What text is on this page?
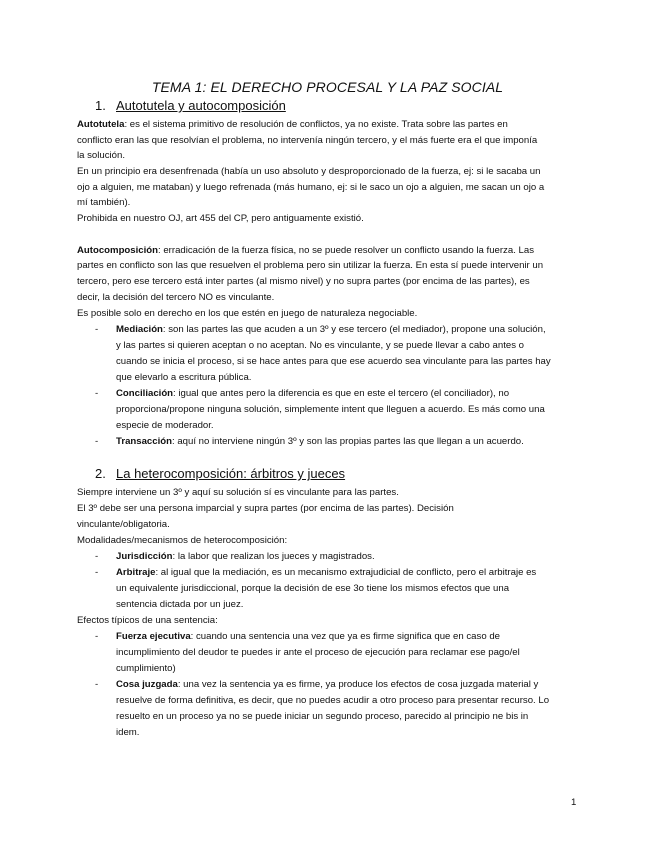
TEMA 1: EL DERECHO PROCESAL Y LA PAZ SOCIAL
1. Autotutela y autocomposición
Autotutela: es el sistema primitivo de resolución de conflictos, ya no existe. Trata sobre las partes en
conflicto eran las que resolvían el problema, no intervenía ningún tercero, y el más fuerte era el que imponía
la solución.
En un principio era desenfrenada (había un uso absoluto y desproporcionado de la fuerza, ej: si le sacaba un
ojo a alguien, me mataban) y luego refrenada (más humano, ej: si le saco un ojo a alguien, me sacan un ojo a
mí también).
Prohibida en nuestro OJ, art 455 del CP, pero antiguamente existió.
Autocomposición: erradicación de la fuerza física, no se puede resolver un conflicto usando la fuerza. Las
partes en conflicto son las que resuelven el problema pero sin utilizar la fuerza. En esta sí puede intervenir un
tercero, pero ese tercero está inter partes (al mismo nivel) y no supra partes (por encima de las partes), es
decir, la decisión del tercero NO es vinculante.
Es posible solo en derecho en los que estén en juego de naturaleza negociable.
- Mediación: son las partes las que acuden a un 3º y ese tercero (el mediador), propone una solución,
y las partes si quieren aceptan o no aceptan. No es vinculante, y se puede llevar a cabo antes o
cuando se inicia el proceso, si se hace antes para que ese acuerdo sea vinculante para las partes hay
que elevarlo a escritura pública.
- Conciliación: igual que antes pero la diferencia es que en este el tercero (el conciliador), no
proporciona/propone ninguna solución, simplemente intent que lleguen a acuerdo. Es más como una
especie de moderador.
- Transacción: aquí no interviene ningún 3º y son las propias partes las que llegan a un acuerdo.
2. La heterocomposición: árbitros y jueces
Siempre interviene un 3º y aquí su solución sí es vinculante para las partes.
El 3º debe ser una persona imparcial y supra partes (por encima de las partes). Decisión
vinculante/obligatoria.
Modalidades/mecanismos de heterocomposición:
- Jurisdicción: la labor que realizan los jueces y magistrados.
- Arbitraje: al igual que la mediación, es un mecanismo extrajudicial de conflicto, pero el arbitraje es
un equivalente jurisdiccional, porque la decisión de ese 3o tiene los mismos efectos que una
sentencia dictada por un juez.
Efectos típicos de una sentencia:
- Fuerza ejecutiva: cuando una sentencia una vez que ya es firme significa que en caso de
incumplimiento del deudor te puedes ir ante el proceso de ejecución para reclamar ese pago/el
cumplimiento)
- Cosa juzgada: una vez la sentencia ya es firme, ya produce los efectos de cosa juzgada material y
resuelve de forma definitiva, es decir, que no puedes acudir a otro proceso para presentar recurso. Lo
resuelto en un proceso ya no se puede iniciar un segundo proceso, parecido al principio ne bis in
idem.
1
